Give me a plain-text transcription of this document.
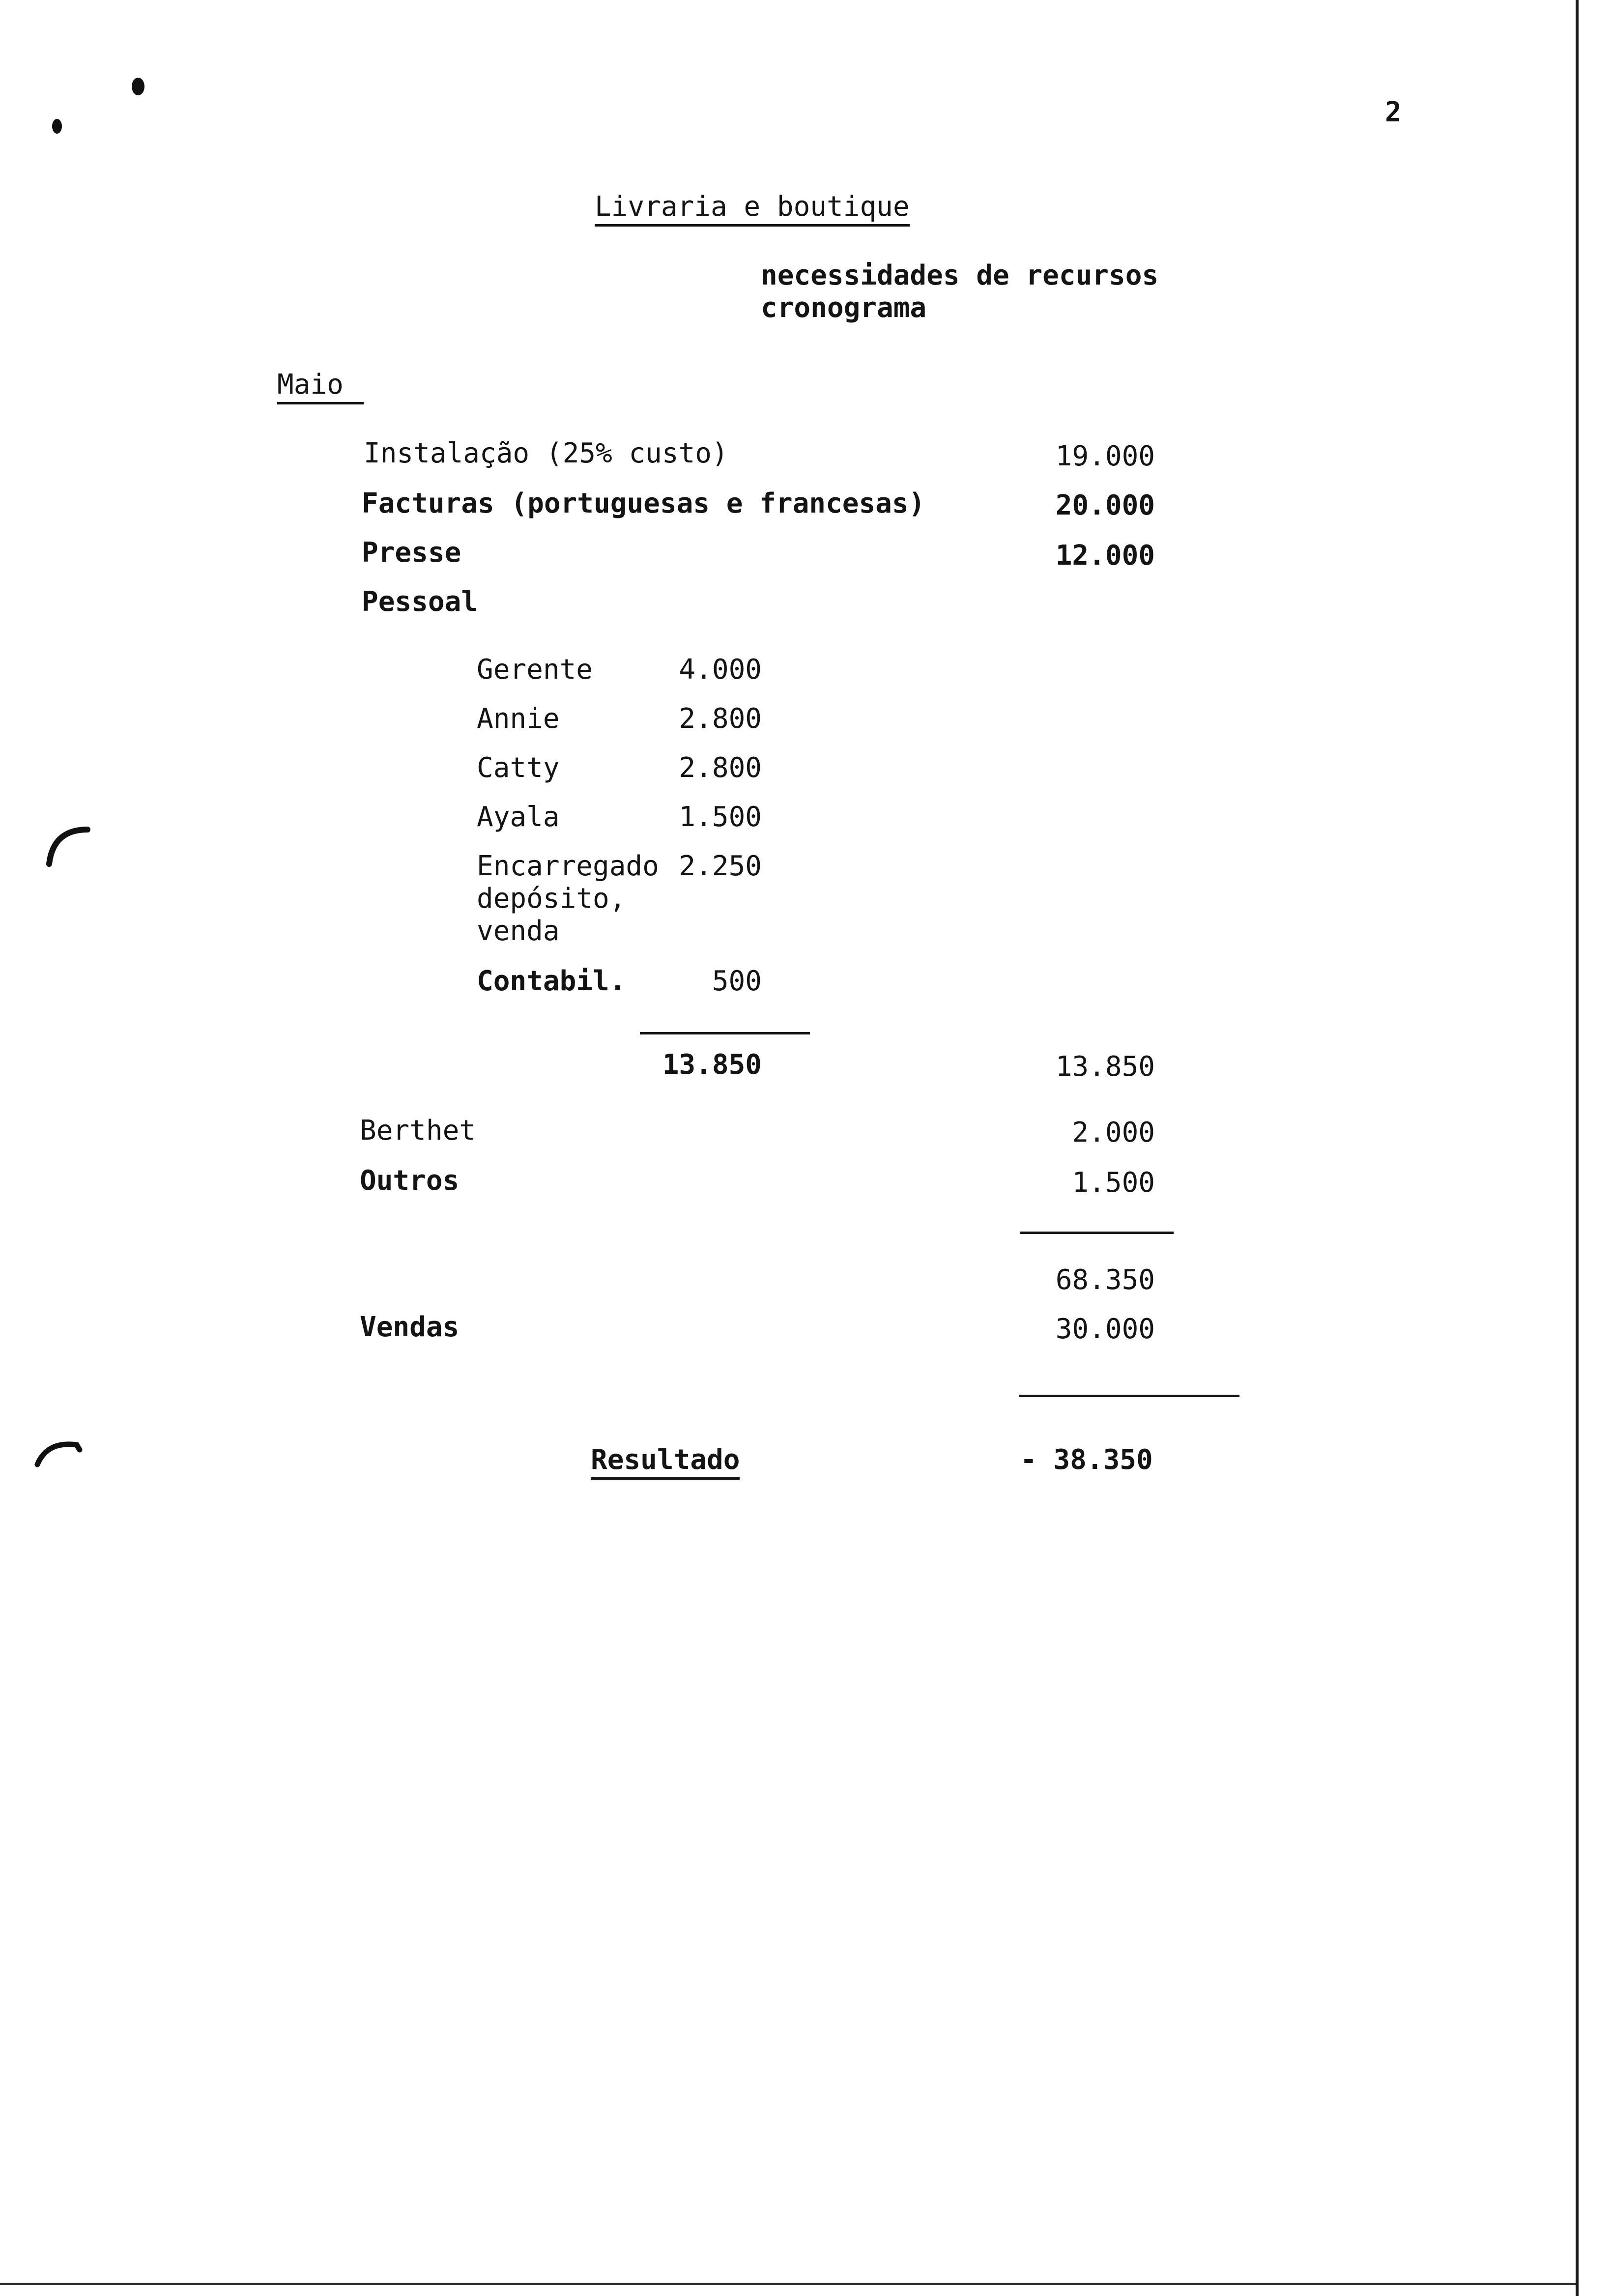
2
Livraria e boutique
necessidades de recursos
cronograma
Maio
Instalação (25% custo)	19.000
Facturas (portuguesas e francesas)	20.000
Presse	12.000
Pessoal
Gerente	4.000
Annie	2.800
Catty	2.800
Ayala	1.500
Encarregado 2.250
depósito,
venda
Contabil.	500
13.850	13.850
Berthet	2.000
Outros	1.500
68.350
Vendas	30.000
Resultado	- 38.350
